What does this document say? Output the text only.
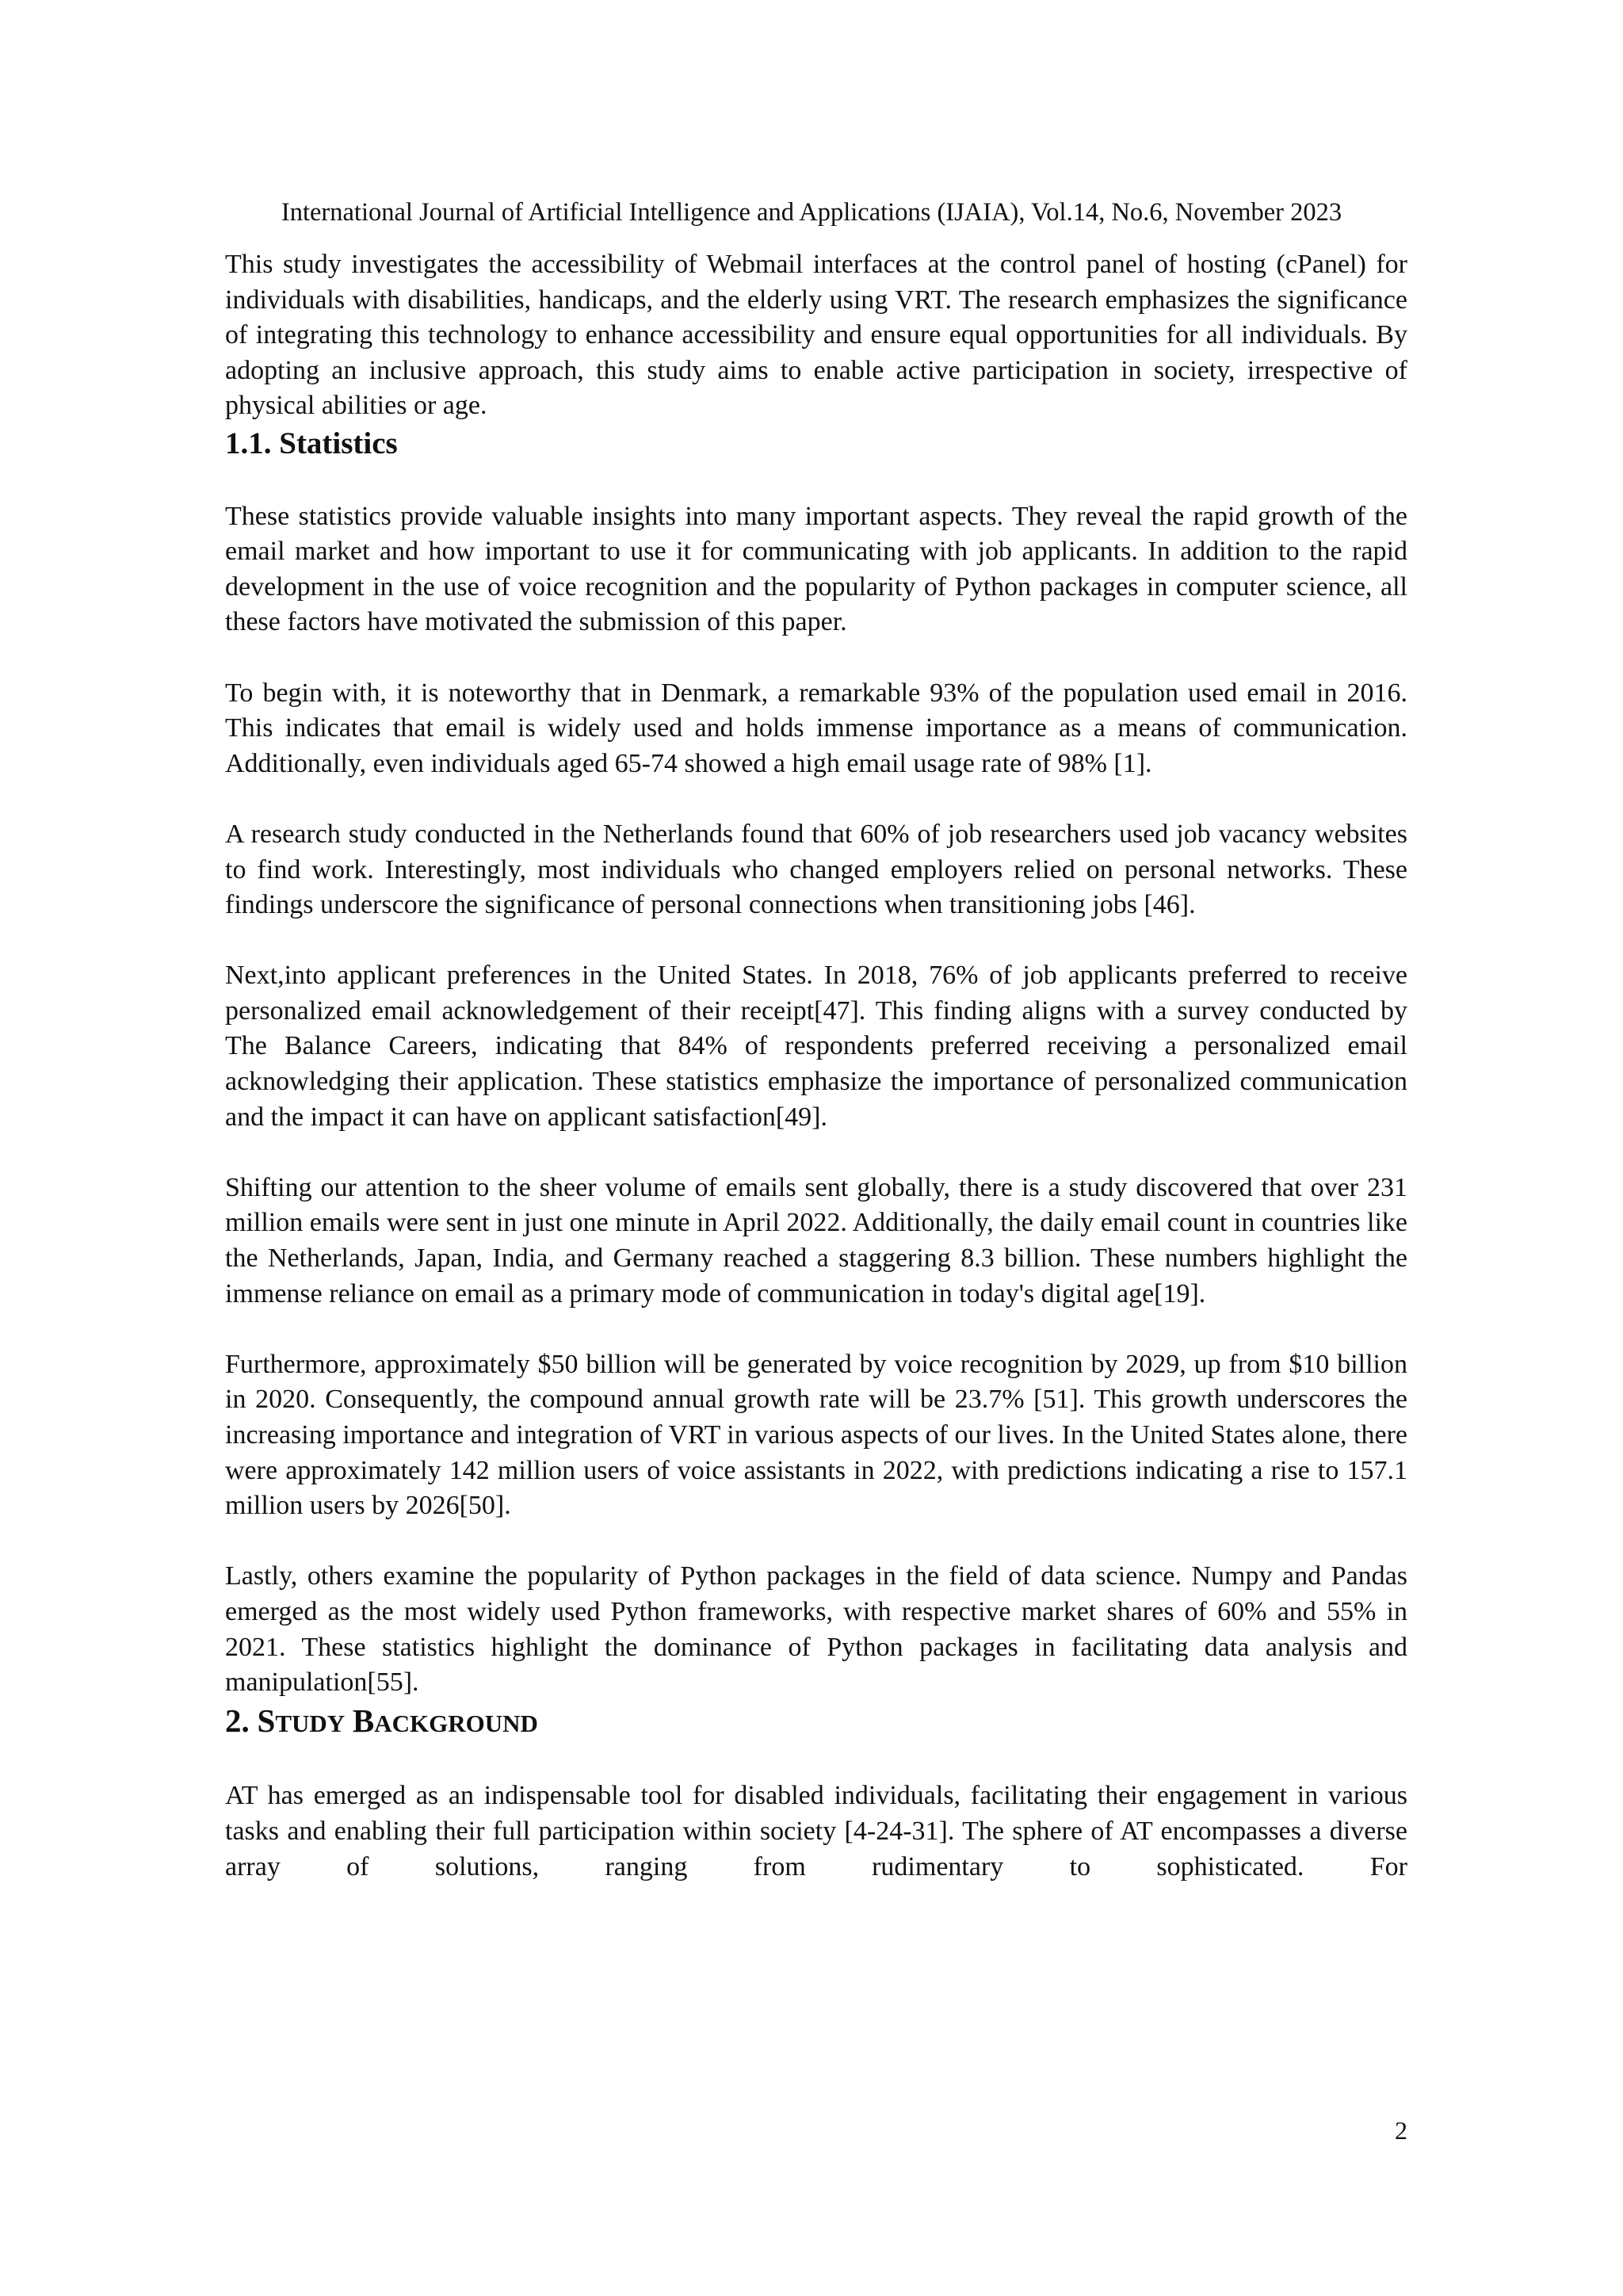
International Journal of Artificial Intelligence and Applications (IJAIA), Vol.14, No.6, November 2023

This study investigates the accessibility of Webmail interfaces at the control panel of hosting (cPanel) for individuals with disabilities, handicaps, and the elderly using VRT. The research emphasizes the significance of integrating this technology to enhance accessibility and ensure equal opportunities for all individuals. By adopting an inclusive approach, this study aims to enable active participation in society, irrespective of physical abilities or age.

1.1. Statistics

These statistics provide valuable insights into many important aspects. They reveal the rapid growth of the email market and how important to use it for communicating with job applicants. In addition to the rapid development in the use of voice recognition and the popularity of Python packages in computer science, all these factors have motivated the submission of this paper.

To begin with, it is noteworthy that in Denmark, a remarkable 93% of the population used email in 2016. This indicates that email is widely used and holds immense importance as a means of communication. Additionally, even individuals aged 65-74 showed a high email usage rate of 98% [1].

A research study conducted in the Netherlands found that 60% of job researchers used job vacancy websites to find work. Interestingly, most individuals who changed employers relied on personal networks. These findings underscore the significance of personal connections when transitioning jobs [46].

Next,into applicant preferences in the United States. In 2018, 76% of job applicants preferred to receive personalized email acknowledgement of their receipt[47]. This finding aligns with a survey conducted by The Balance Careers, indicating that 84% of respondents preferred receiving a personalized email acknowledging their application. These statistics emphasize the importance of personalized communication and the impact it can have on applicant satisfaction[49].

Shifting our attention to the sheer volume of emails sent globally, there is a study discovered that over 231 million emails were sent in just one minute in April 2022. Additionally, the daily email count in countries like the Netherlands, Japan, India, and Germany reached a staggering 8.3 billion. These numbers highlight the immense reliance on email as a primary mode of communication in today's digital age[19].

Furthermore, approximately $50 billion will be generated by voice recognition by 2029, up from $10 billion in 2020. Consequently, the compound annual growth rate will be 23.7% [51]. This growth underscores the increasing importance and integration of VRT in various aspects of our lives. In the United States alone, there were approximately 142 million users of voice assistants in 2022, with predictions indicating a rise to 157.1 million users by 2026[50].

Lastly, others examine the popularity of Python packages in the field of data science. Numpy and Pandas emerged as the most widely used Python frameworks, with respective market shares of 60% and 55% in 2021. These statistics highlight the dominance of Python packages in facilitating data analysis and manipulation[55].

2. STUDY BACKGROUND

AT has emerged as an indispensable tool for disabled individuals, facilitating their engagement in various tasks and enabling their full participation within society [4-24-31]. The sphere of AT encompasses a diverse array of solutions, ranging from rudimentary to sophisticated. For

2
